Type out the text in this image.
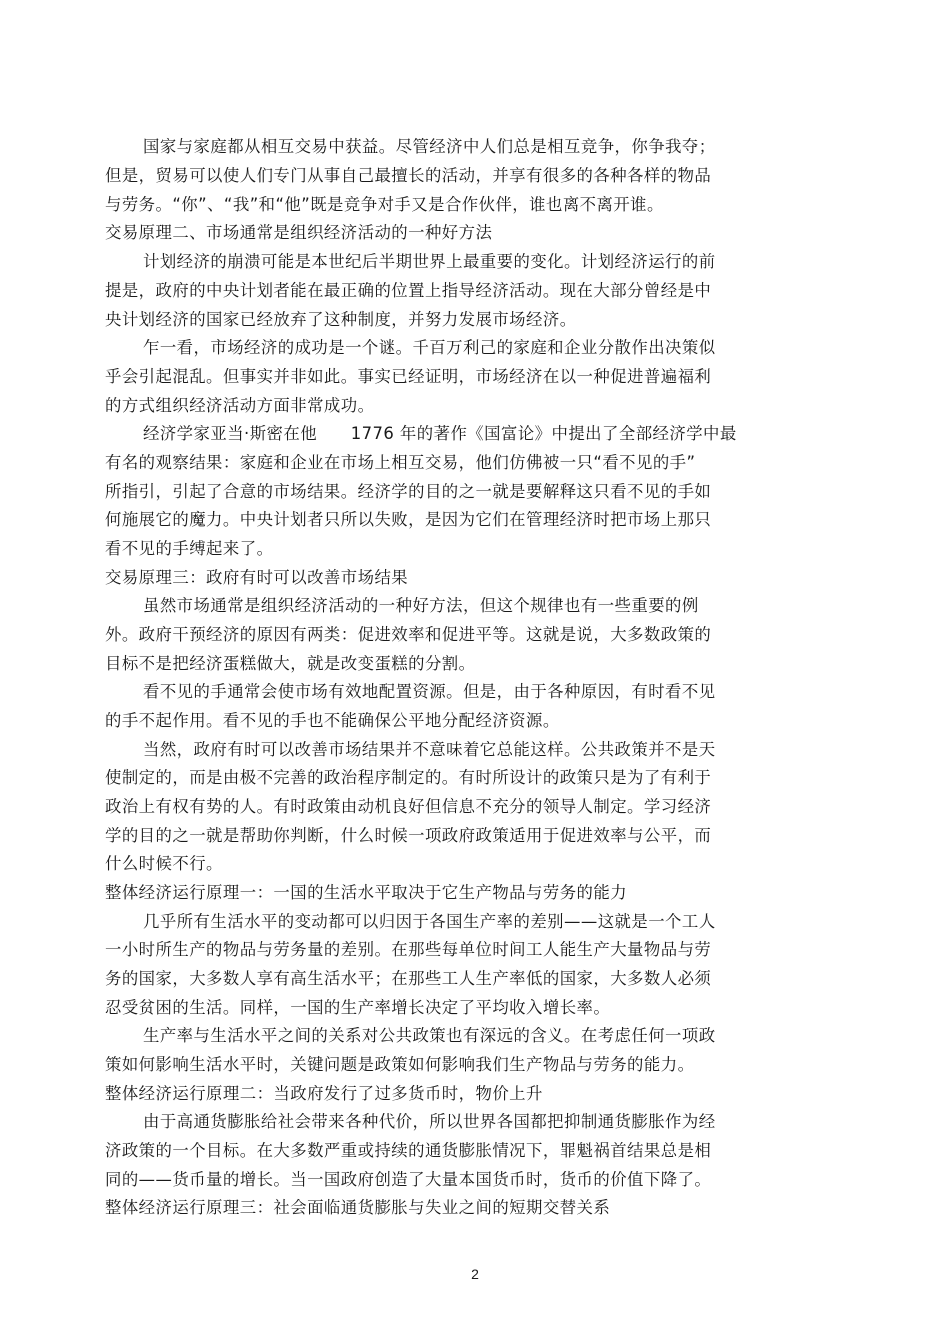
国家与家庭都从相互交易中获益。尽管经济中人们总是相互竞争，你争我夺；
但是，贸易可以使人们专门从事自己最擅长的活动，并享有很多的各种各样的物品
与劳务。“你”、“我”和“他”既是竞争对手又是合作伙伴，谁也离不离开谁。
交易原理二、市场通常是组织经济活动的一种好方法
计划经济的崩溃可能是本世纪后半期世界上最重要的变化。计划经济运行的前
提是，政府的中央计划者能在最正确的位置上指导经济活动。现在大部分曾经是中
央计划经济的国家已经放弃了这种制度，并努力发展市场经济。
乍一看，市场经济的成功是一个谜。千百万利己的家庭和企业分散作出决策似
乎会引起混乱。但事实并非如此。事实已经证明，市场经济在以一种促进普遍福利
的方式组织经济活动方面非常成功。
经济学家亚当·斯密在他　　1776 年的著作《国富论》中提出了全部经济学中最
有名的观察结果：家庭和企业在市场上相互交易，他们仿佛被一只“看不见的手”
所指引，引起了合意的市场结果。经济学的目的之一就是要解释这只看不见的手如
何施展它的魔力。中央计划者只所以失败，是因为它们在管理经济时把市场上那只
看不见的手缚起来了。
交易原理三：政府有时可以改善市场结果
虽然市场通常是组织经济活动的一种好方法，但这个规律也有一些重要的例
外。政府干预经济的原因有两类：促进效率和促进平等。这就是说，大多数政策的
目标不是把经济蛋糕做大，就是改变蛋糕的分割。
看不见的手通常会使市场有效地配置资源。但是，由于各种原因，有时看不见
的手不起作用。看不见的手也不能确保公平地分配经济资源。
当然，政府有时可以改善市场结果并不意味着它总能这样。公共政策并不是天
使制定的，而是由极不完善的政治程序制定的。有时所设计的政策只是为了有利于
政治上有权有势的人。有时政策由动机良好但信息不充分的领导人制定。学习经济
学的目的之一就是帮助你判断，什么时候一项政府政策适用于促进效率与公平，而
什么时候不行。
整体经济运行原理一：一国的生活水平取决于它生产物品与劳务的能力
几乎所有生活水平的变动都可以归因于各国生产率的差别——这就是一个工人
一小时所生产的物品与劳务量的差别。在那些每单位时间工人能生产大量物品与劳
务的国家，大多数人享有高生活水平；在那些工人生产率低的国家，大多数人必须
忍受贫困的生活。同样，一国的生产率增长决定了平均收入增长率。
生产率与生活水平之间的关系对公共政策也有深远的含义。在考虑任何一项政
策如何影响生活水平时，关键问题是政策如何影响我们生产物品与劳务的能力。
整体经济运行原理二：当政府发行了过多货币时，物价上升
由于高通货膨胀给社会带来各种代价，所以世界各国都把抑制通货膨胀作为经
济政策的一个目标。在大多数严重或持续的通货膨胀情况下，罪魁祸首结果总是相
同的——货币量的增长。当一国政府创造了大量本国货币时，货币的价值下降了。
整体经济运行原理三：社会面临通货膨胀与失业之间的短期交替关系
2
